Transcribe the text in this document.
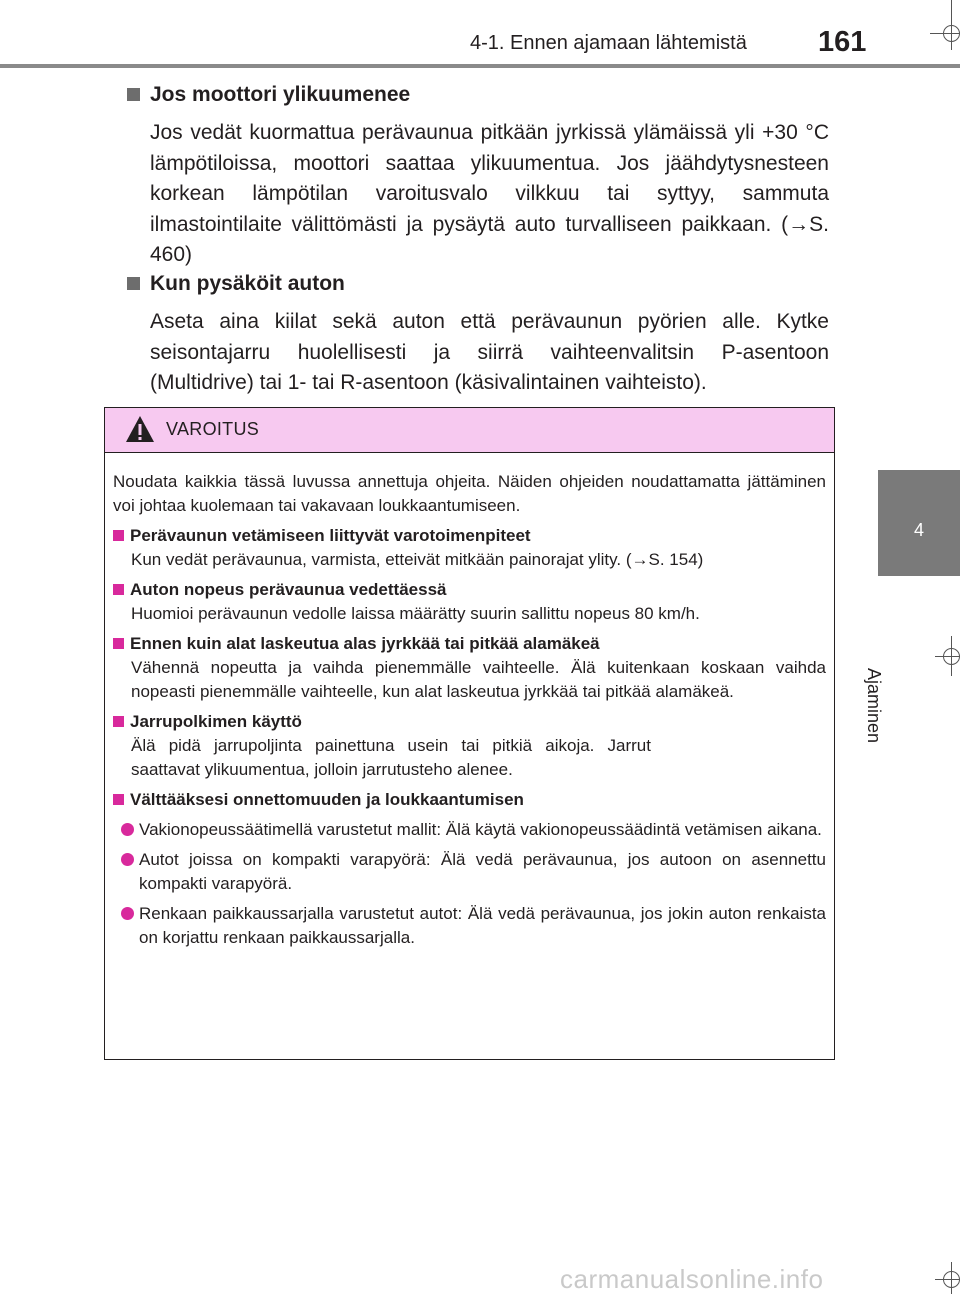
4-1. Ennen ajamaan lähtemistä 161
4
Ajaminen
Jos moottori ylikuumenee
Jos vedät kuormattua perävaunua pitkään jyrkissä ylämäissä yli +30 °C lämpötiloissa, moottori saattaa ylikuumentua. Jos jäähdytysnesteen korkean lämpötilan varoitusvalo vilkkuu tai syttyy, sammuta ilmastointilaite välittömästi ja pysäytä auto turvalliseen paikkaan. (→S. 460)
Kun pysäköit auton
Aseta aina kiilat sekä auton että perävaunun pyörien alle. Kytke seisontajarru huolellisesti ja siirrä vaihteenvalitsin P-asentoon (Multidrive) tai 1- tai R-asentoon (käsivalintainen vaihteisto).
VAROITUS
Noudata kaikkia tässä luvussa annettuja ohjeita. Näiden ohjeiden noudattamatta jättäminen voi johtaa kuolemaan tai vakavaan loukkaantumiseen.
Perävaunun vetämiseen liittyvät varotoimenpiteet
Kun vedät perävaunua, varmista, etteivät mitkään painorajat ylity. (→S. 154)
Auton nopeus perävaunua vedettäessä
Huomioi perävaunun vedolle laissa määrätty suurin sallittu nopeus 80 km/h.
Ennen kuin alat laskeutua alas jyrkkää tai pitkää alamäkeä
Vähennä nopeutta ja vaihda pienemmälle vaihteelle. Älä kuitenkaan koskaan vaihda nopeasti pienemmälle vaihteelle, kun alat laskeutua jyrkkää tai pitkää alamäkeä.
Jarrupolkimen käyttö
Älä pidä jarrupoljinta painettuna usein tai pitkiä aikoja. Jarrut saattavat ylikuumentua, jolloin jarrutusteho alenee.
Välttääksesi onnettomuuden ja loukkaantumisen
Vakionopeussäätimellä varustetut mallit: Älä käytä vakionopeussäädintä vetämisen aikana.
Autot joissa on kompakti varapyörä: Älä vedä perävaunua, jos autoon on asennettu kompakti varapyörä.
Renkaan paikkaussarjalla varustetut autot: Älä vedä perävaunua, jos jokin auton renkaista on korjattu renkaan paikkaussarjalla.
carmanualsonline.info
